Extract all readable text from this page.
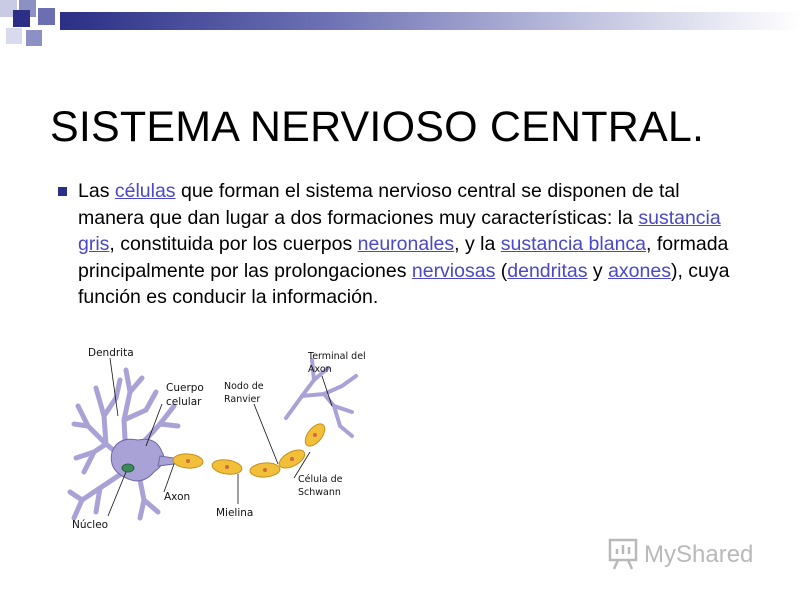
SISTEMA NERVIOSO CENTRAL.
Las células que forman el sistema nervioso central se disponen de tal manera que dan lugar a dos formaciones muy características: la sustancia gris, constituida por los cuerpos neuronales, y la sustancia blanca, formada principalmente por las prolongaciones nerviosas (dendritas y axones), cuya función es conducir la información.
Dendrita
Cuerpo
celular
Nodo de
Ranvier
Terminal del
Axon
Axon
Núcleo
Mielina
Célula de
Schwann
MyShared
